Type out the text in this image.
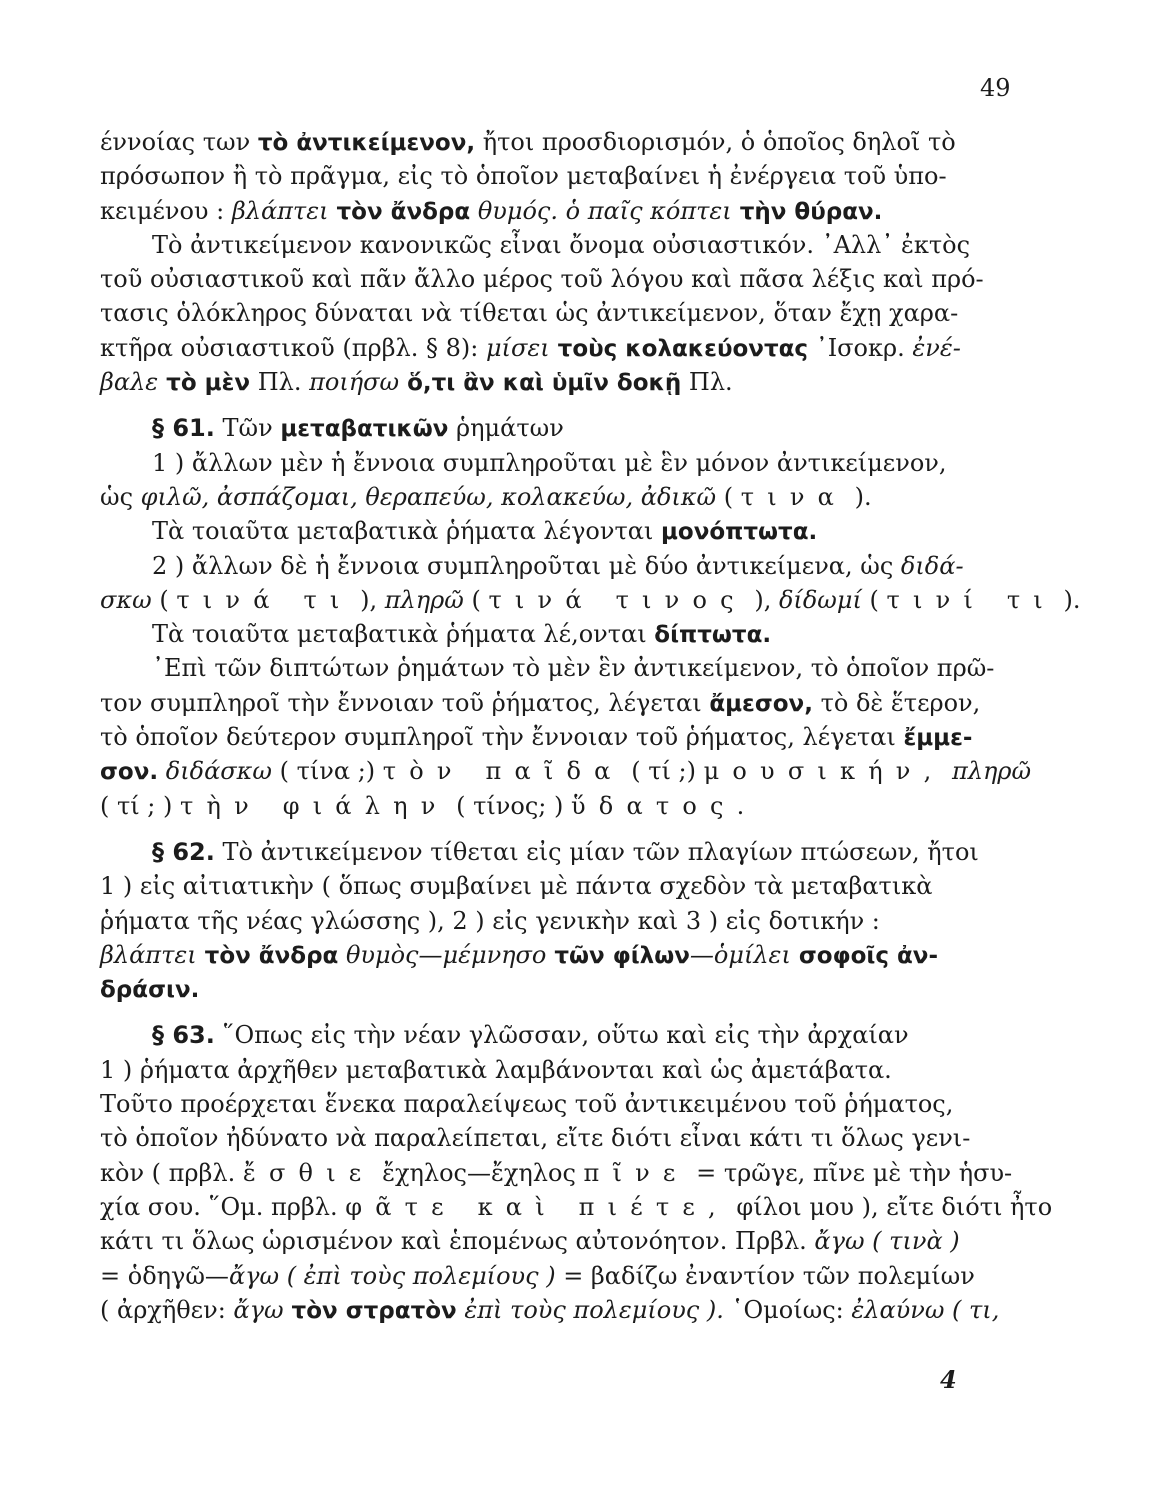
49
έννοίας των τὸ ἀντικείμενον, ἤτοι προσδιορισμόν, ὁ ὁποῖος δηλοῖ τὸ
πρόσωπον ἢ τὸ πρᾶγμα, εἰς τὸ ὁποῖον μεταβαίνει ἡ ἐνέργεια τοῦ ὑπο-
κειμένου : βλάπτει τὸν ἄνδρα θυμός. ὁ παῖς κόπτει τὴν θύραν.
Τὸ ἀντικείμενον κανονικῶς εἶναι ὄνομα οὐσιαστικόν. ᾽Αλλ᾽ ἐκτὸς
τοῦ οὐσιαστικοῦ καὶ πᾶν ἄλλο μέρος τοῦ λόγου καὶ πᾶσα λέξις καὶ πρό-
τασις ὁλόκληρος δύναται νὰ τίθεται ὡς ἀντικείμενον, ὅταν ἔχῃ χαρα-
κτῆρα οὐσιαστικοῦ (πρβλ. § 8): μίσει τοὺς κολακεύοντας ᾽Ισοκρ. ἐνέ-
βαλε τὸ μὲν Πλ. ποιήσω ὅ,τι ἂν καὶ ὑμῖν δοκῇ Πλ.
§ 61. Τῶν μεταβατικῶν ῥημάτων
1 ) ἄλλων μὲν ἡ ἔννοια συμπληροῦται μὲ ἓν μόνον ἀντικείμενον,
ὡς φιλῶ, ἀσπάζομαι, θεραπεύω, κολακεύω, ἀδικῶ ( τινα ).
Τὰ τοιαῦτα μεταβατικὰ ῥήματα λέγονται μονόπτωτα.
2 ) ἄλλων δὲ ἡ ἔννοια συμπληροῦται μὲ δύο ἀντικείμενα, ὡς διδά-
σκω ( τινά τι ), πληρῶ ( τινά τινος ), δίδωμί ( τινί τι ).
Τὰ τοιαῦτα μεταβατικὰ ῥήματα λέ,ονται δίπτωτα.
᾽Επὶ τῶν διπτώτων ῥημάτων τὸ μὲν ἓν ἀντικείμενον, τὸ ὁποῖον πρῶ-
τον συμπληροῖ τὴν ἔννοιαν τοῦ ῥήματος, λέγεται ἄμεσον, τὸ δὲ ἕτερον,
τὸ ὁποῖον δεύτερον συμπληροῖ τὴν ἔννοιαν τοῦ ῥήματος, λέγεται ἔμμε-
σον. διδάσκω ( τίνα ;) τὸν παῖδα ( τί ;) μουσικήν, πληρῶ
( τί ; ) τὴν φιάλην ( τίνος; ) ὕδατος.
§ 62. Τὸ ἀντικείμενον τίθεται εἰς μίαν τῶν πλαγίων πτώσεων, ἤτοι
1 ) εἰς αἰτιατικὴν ( ὅπως συμβαίνει μὲ πάντα σχεδὸν τὰ μεταβατικὰ
ῥήματα τῆς νέας γλώσσης ), 2 ) εἰς γενικὴν καὶ 3 ) εἰς δοτικήν :
βλάπτει τὸν ἄνδρα θυμὸς—μέμνησο τῶν φίλων—ὁμίλει σοφοῖς ἀν-
δράσιν.
§ 63. ῞Οπως εἰς τὴν νέαν γλῶσσαν, οὕτω καὶ εἰς τὴν ἀρχαίαν
1 ) ῥήματα ἀρχῆθεν μεταβατικὰ λαμβάνονται καὶ ὡς ἀμετάβατα.
Τοῦτο προέρχεται ἕνεκα παραλείψεως τοῦ ἀντικειμένου τοῦ ῥήματος,
τὸ ὁποῖον ἠδύνατο νὰ παραλείπεται, εἴτε διότι εἶναι κάτι τι ὅλως γενι-
κὸν ( πρβλ. ἔσθιε ἔχηλος—ἔχηλος πῖνε = τρῶγε, πῖνε μὲ τὴν ἡσυ-
χία σου. ῞Ομ. πρβλ. φᾶτε καὶ πιέτε, φίλοι μου ), εἴτε διότι ἦτο
κάτι τι ὅλως ὡρισμένον καὶ ἑπομένως αὐτονόητον. Πρβλ. ἄγω ( τινὰ )
= ὁδηγῶ—ἄγω ( ἐπὶ τοὺς πολεμίους ) = βαδίζω ἐναντίον τῶν πολεμίων
( ἀρχῆθεν: ἄγω τὸν στρατὸν ἐπὶ τοὺς πολεμίους ). ῾Ομοίως: ἐλαύνω ( τι,
4
